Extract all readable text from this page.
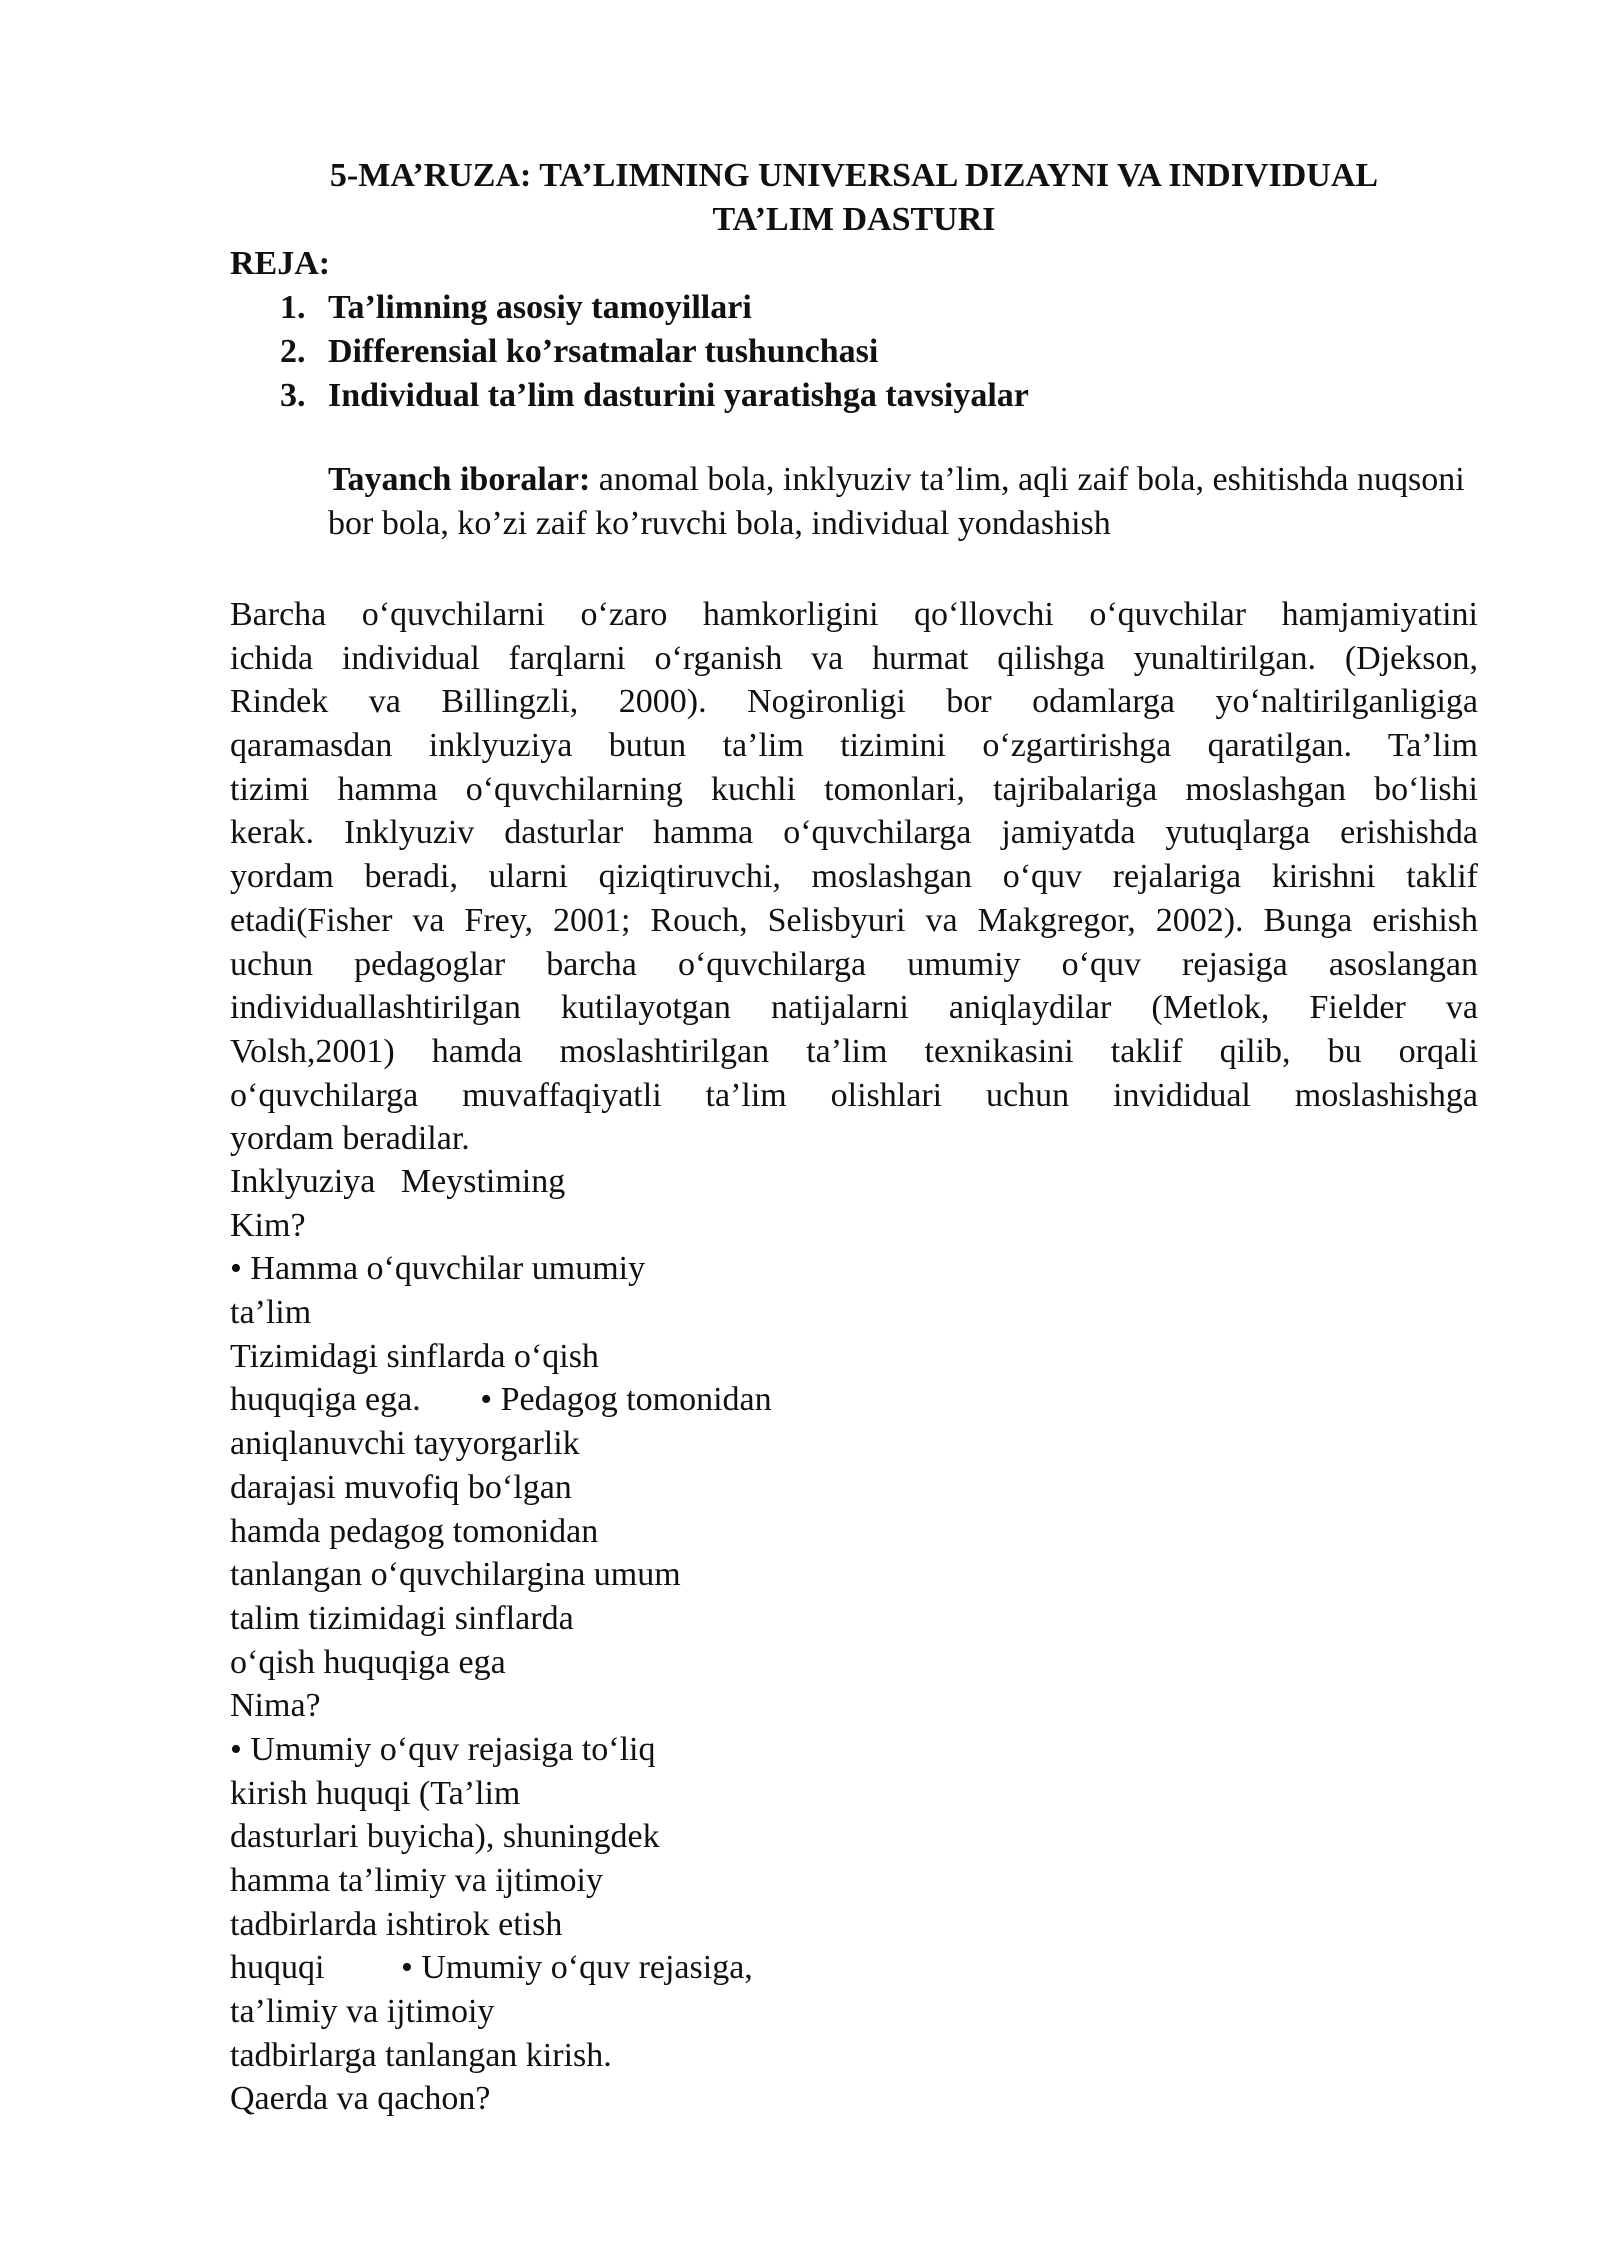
5-MA’RUZA: TA’LIMNING UNIVERSAL DIZAYNI VA INDIVIDUAL
TA’LIM DASTURI
REJA:
1. Ta’limning asosiy tamoyillari
2. Differensial ko’rsatmalar tushunchasi
3. Individual ta’lim dasturini yaratishga tavsiyalar
Tayanch iboralar: anomal bola, inklyuziv ta’lim, aqli zaif bola, eshitishda nuqsoni bor bola, ko’zi zaif ko’ruvchi bola, individual yondashish
Barcha o‘quvchilarni o‘zaro hamkorligini qo‘llovchi o‘quvchilar hamjamiyatini
ichida individual farqlarni o‘rganish va hurmat qilishga yunaltirilgan. (Djekson,
Rindek va Billingzli, 2000). Nogironligi bor odamlarga yo‘naltirilganligiga
qaramasdan inklyuziya butun ta’lim tizimini o‘zgartirishga qaratilgan. Ta’lim
tizimi hamma o‘quvchilarning kuchli tomonlari, tajribalariga moslashgan bo‘lishi
kerak. Inklyuziv dasturlar hamma o‘quvchilarga jamiyatda yutuqlarga erishishda
yordam beradi, ularni qiziqtiruvchi, moslashgan o‘quv rejalariga kirishni taklif
etadi(Fisher va Frey, 2001; Rouch, Selisbyuri va Makgregor, 2002). Bunga erishish
uchun pedagoglar barcha o‘quvchilarga umumiy o‘quv rejasiga asoslangan
individuallashtirilgan kutilayotgan natijalarni aniqlaydilar (Metlok, Fielder va
Volsh,2001) hamda moslashtirilgan ta’lim texnikasini taklif qilib, bu orqali
o‘quvchilarga muvaffaqiyatli ta’lim olishlari uchun invididual moslashishga
yordam beradilar.
Inklyuziya   Meystiming
Kim?
• Hamma o‘quvchilar umumiy
ta’lim
Tizimidagi sinflarda o‘qish
huquqiga ega.       • Pedagog tomonidan
aniqlanuvchi tayyorgarlik
darajasi muvofiq bo‘lgan
hamda pedagog tomonidan
tanlangan o‘quvchilargina umum
talim tizimidagi sinflarda
o‘qish huquqiga ega
Nima?
• Umumiy o‘quv rejasiga to‘liq
kirish huquqi (Ta’lim
dasturlari buyicha), shuningdek
hamma ta’limiy va ijtimoiy
tadbirlarda ishtirok etish
huquqi         • Umumiy o‘quv rejasiga,
ta’limiy va ijtimoiy
tadbirlarga tanlangan kirish.
Qaerda va qachon?
